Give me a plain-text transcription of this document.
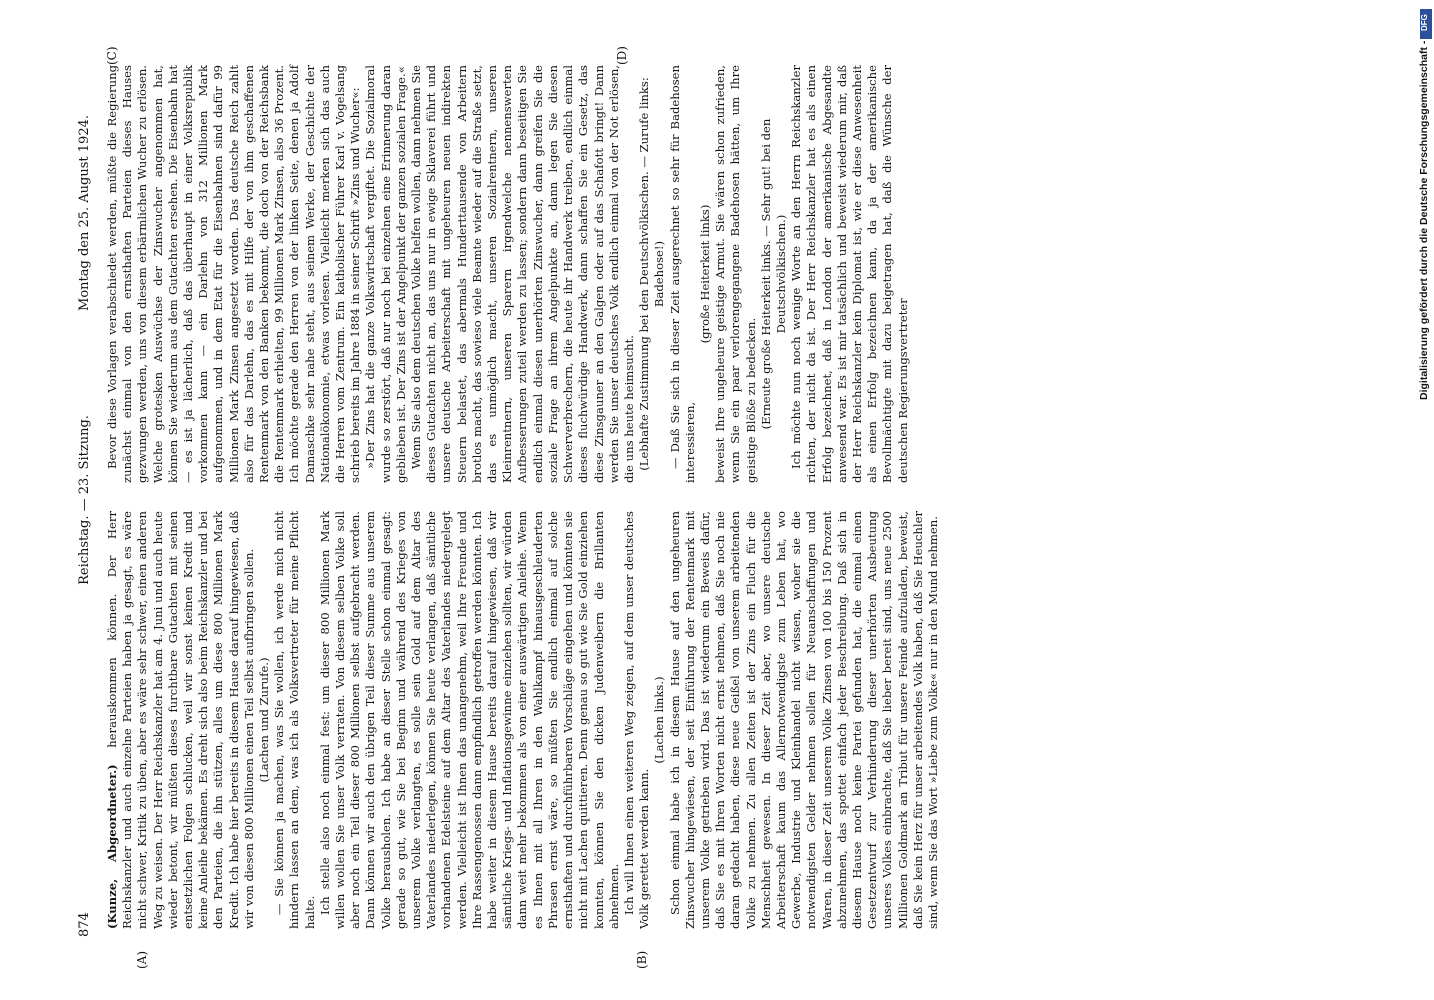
874
Reichstag. — 23. Sitzung.
Montag den 25. August 1924.
(A)	(B)
(C)	(D)

(Kunze, Abgeordneter.) herauskommen können. Der Herr Reichskanzler und auch einzelne Parteien haben ja gesagt, es wäre nicht schwer, Kritik zu üben, aber es wäre sehr schwer, einen anderen Weg zu weisen. Der Herr Reichskanzler hat am 4. Juni und auch heute wieder betont, wir müßten dieses furchtbare Gutachten mit seinen entsetzlichen Folgen schlucken, weil wir sonst keinen Kredit und keine Anleihe bekämen. Es dreht sich also beim Reichskanzler und bei den Parteien, die ihn stützen, alles um diese 800 Millionen Mark Kredit. Ich habe hier bereits in diesem Hause darauf hingewiesen, daß wir von diesen 800 Millionen einen Teil selbst aufbringen sollen. (Lachen und Zurufe.) — Sie können ja machen, was Sie wollen, ich werde mich nicht hindern lassen an dem, was ich als Volksvertreter für meine Pflicht halte. Ich stelle also noch einmal fest: um dieser 800 Millionen Mark willen wollen Sie unser Volk verraten. Von diesem selben Volke soll aber noch ein Teil dieser 800 Millionen selbst aufgebracht werden. Dann können wir auch den übrigen Teil dieser Summe aus unserem Volke herausholen. Ich habe an dieser Stelle schon einmal gesagt: gerade so gut, wie Sie bei Beginn und während des Krieges von unserem Volke verlangten, es solle sein Gold auf dem Altar des Vaterlandes niederlegen, können Sie heute verlangen, daß sämtliche vorhandenen Edelsteine auf dem Altar des Vaterlandes niedergelegt werden. Vielleicht ist Ihnen das unangenehm, weil Ihre Freunde und Ihre Rassengenossen dann empfindlich getroffen werden könnten. Ich habe weiter in diesem Hause bereits darauf hingewiesen, daß wir sämtliche Kriegs- und Inflationsgewinne einziehen sollten, wir würden dann weit mehr bekommen als von einer auswärtigen Anleihe. Wenn es Ihnen mit all Ihren in den Wahlkampf hinausgeschleuderten Phrasen ernst wäre, so müßten Sie endlich einmal auf solche ernsthaften und durchführbaren Vorschläge eingehen und könnten sie nicht mit Lachen quittieren. Denn genau so gut wie Sie Gold einziehen konnten, können Sie den dicken Judenweibern die Brillanten abnehmen. Ich will Ihnen einen weiteren Weg zeigen, auf dem unser deutsches Volk gerettet werden kann.

(Lachen links.) Schon einmal habe ich in diesem Hause auf den ungeheuren Zinswucher hingewiesen, der seit Einführung der Rentenmark mit unserem Volke getrieben wird. Das ist wiederum ein Beweis dafür, daß Sie es mit Ihren Worten nicht ernst nehmen, daß Sie noch nie daran gedacht haben, diese neue Geißel von unserem arbeitenden Volke zu nehmen. Zu allen Zeiten ist der Zins ein Fluch für die Menschheit gewesen. In dieser Zeit aber, wo unsere deutsche Arbeiterschaft kaum das Allernotwendigste zum Leben hat, wo Gewerbe, Industrie und Kleinhandel nicht wissen, woher sie die notwendigsten Gelder nehmen sollen für Neuanschaffungen und Waren, in dieser Zeit unserem Volke Zinsen von 100 bis 150 Prozent abzunehmen, das spottet einfach jeder Beschreibung. Daß sich in diesem Hause noch keine Partei gefunden hat, die einmal einen Gesetzentwurf zur Verhinderung dieser unerhörten Ausbeutung unseres Volkes einbrachte, daß Sie lieber bereit sind, uns neue 2500 Millionen Goldmark an Tribut für unsere Feinde aufzuladen, beweist, daß Sie kein Herz für unser arbeitendes Volk haben, daß Sie Heuchler sind, wenn Sie das Wort »Liebe zum Volke« nur in den Mund nehmen.

Bevor diese Vorlagen verabschiedet werden, müßte die Regierung zunächst einmal von den ernsthaften Parteien dieses Hauses gezwungen werden, uns von diesem erbärmlichen Wucher zu erlösen. Welche grotesken Auswüchse der Zinswucher angenommen hat, können Sie wiederum aus dem Gutachten ersehen. Die Eisenbahn hat — es ist ja lächerlich, daß das überhaupt in einer Volksrepublik vorkommen kann — ein Darlehn von 312 Millionen Mark aufgenommen, und in dem Etat für die Eisenbahnen sind dafür 99 Millionen Mark Zinsen angesetzt worden. Das deutsche Reich zahlt also für das Darlehn, das es mit Hilfe der von ihm geschaffenen Rentenmark von den Banken bekommt, die doch von der Reichsbank die Rentenmark erhielten, 99 Millionen Mark Zinsen, also 36 Prozent. Ich möchte gerade den Herren von der linken Seite, denen ja Adolf Damaschke sehr nahe steht, aus seinem Werke, der Geschichte der Nationalökonomie, etwas vorlesen. Vielleicht merken sich das auch die Herren vom Zentrum. Ein katholischer Führer Karl v. Vogelsang schrieb bereits im Jahre 1884 in seiner Schrift »Zins und Wucher«: »Der Zins hat die ganze Volkswirtschaft vergiftet. Die Sozialmoral wurde so zerstört, daß nur noch bei einzelnen eine Erinnerung daran geblieben ist. Der Zins ist der Angelpunkt der ganzen sozialen Frage.« Wenn Sie also dem deutschen Volke helfen wollen, dann nehmen Sie dieses Gutachten nicht an, das uns nur in ewige Sklaverei führt und unsere deutsche Arbeiterschaft mit ungeheuren neuen indirekten Steuern belastet, das abermals Hunderttausende von Arbeitern brotlos macht, das sowieso viele Beamte wieder auf die Straße setzt, das es unmöglich macht, unseren Sozialrentnern, unseren Kleinrentnern, unseren Sparern irgendwelche nennenswerten Aufbesserungen zuteil werden zu lassen; sondern dann beseitigen Sie endlich einmal diesen unerhörten Zinswucher, dann greifen Sie die soziale Frage an ihrem Angelpunkte an, dann legen Sie diesen Schwerverbrechern, die heute ihr Handwerk treiben, endlich einmal dieses fluchwürdige Handwerk, dann schaffen Sie ein Gesetz, das diese Zinsgauner an den Galgen oder auf das Schafott bringt! Dann werden Sie unser deutsches Volk endlich einmal von der Not erlösen, die uns heute heimsucht. (Lebhafte Zustimmung bei den Deutschvölkischen. — Zurufe links: Badehose!) — Daß Sie sich in dieser Zeit ausgerechnet so sehr für Badehosen interessieren,

(große Heiterkeit links) beweist Ihre ungeheure geistige Armut. Sie wären schon zufrieden, wenn Sie ein paar verlorengegangene Badehosen hätten, um Ihre geistige Blöße zu bedecken. (Erneute große Heiterkeit links. — Sehr gut! bei den Deutschvölkischen.) Ich möchte nun noch wenige Worte an den Herrn Reichskanzler richten, der nicht da ist. Der Herr Reichskanzler hat es als einen Erfolg bezeichnet, daß in London der amerikanische Abgesandte anwesend war. Es ist mir tatsächlich und beweist wiederum mir, daß der Herr Reichskanzler kein Diplomat ist, wie er diese Anwesenheit als einen Erfolg bezeichnen kann, da ja der amerikanische Bevollmächtigte mit dazu beigetragen hat, daß die Wünsche der deutschen Regierungsvertreter

DFG
Digitalisierung gefördert durch die Deutsche Forschungsgemeinschaft -
